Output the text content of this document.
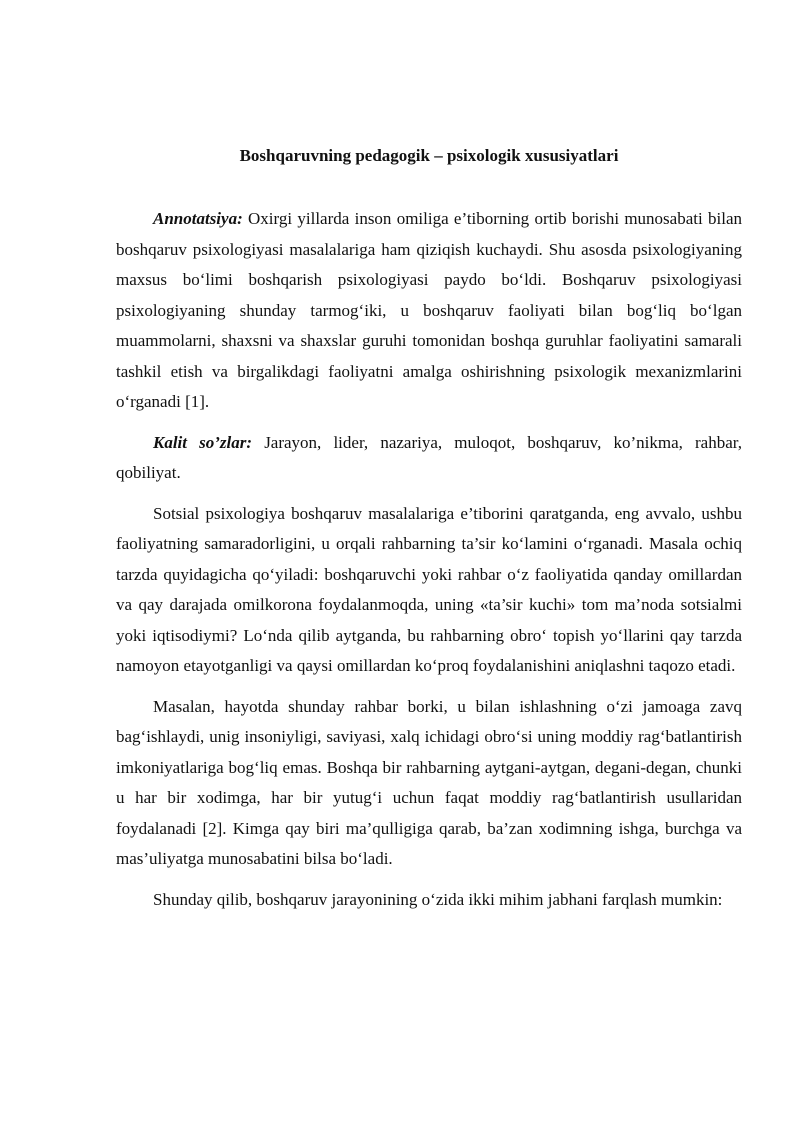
Boshqaruvning pedagogik – psixologik xususiyatlari

Annotatsiya: Oxirgi yillarda inson omiliga e’tiborning ortib borishi munosabati bilan boshqaruv psixologiyasi masalalariga ham qiziqish kuchaydi. Shu asosda psixologiyaning maxsus bo‘limi boshqarish psixologiyasi paydo bo‘ldi. Boshqaruv psixologiyasi psixologiyaning shunday tarmog‘iki, u boshqaruv faoliyati bilan bog‘liq bo‘lgan muammolarni, shaxsni va shaxslar guruhi tomonidan boshqa guruhlar faoliyatini samarali tashkil etish va birgalikdagi faoliyatni amalga oshirishning psixologik mexanizmlarini o‘rganadi [1].

Kalit so’zlar: Jarayon, lider, nazariya, muloqot, boshqaruv, ko’nikma, rahbar, qobiliyat.

Sotsial psixologiya boshqaruv masalalariga e’tiborini qaratganda, eng avvalo, ushbu faoliyatning samaradorligini, u orqali rahbarning ta’sir ko‘lamini o‘rganadi. Masala ochiq tarzda quyidagicha qo‘yiladi: boshqaruvchi yoki rahbar o‘z faoliyatida qanday omillardan va qay darajada omilkorona foydalanmoqda, uning «ta’sir kuchi» tom ma’noda sotsialmi yoki iqtisodiymi? Lo‘nda qilib aytganda, bu rahbarning obro‘ topish yo‘llarini qay tarzda namoyon etayotganligi va qaysi omillardan ko‘proq foydalanishini aniqlashni taqozo etadi.

Masalan, hayotda shunday rahbar borki, u bilan ishlashning o‘zi jamoaga zavq bag‘ishlaydi, unig insoniyligi, saviyasi, xalq ichidagi obro‘si uning moddiy rag‘batlantirish imkoniyatlariga bog‘liq emas. Boshqa bir rahbarning aytgani-aytgan, degani-degan, chunki u har bir xodimga, har bir yutug‘i uchun faqat moddiy rag‘batlantirish usullaridan foydalanadi [2]. Kimga qay biri ma’qulligiga qarab, ba’zan xodimning ishga, burchga va mas’uliyatga munosabatini bilsa bo‘ladi.

Shunday qilib, boshqaruv jarayonining o‘zida ikki mihim jabhani farqlash mumkin:
